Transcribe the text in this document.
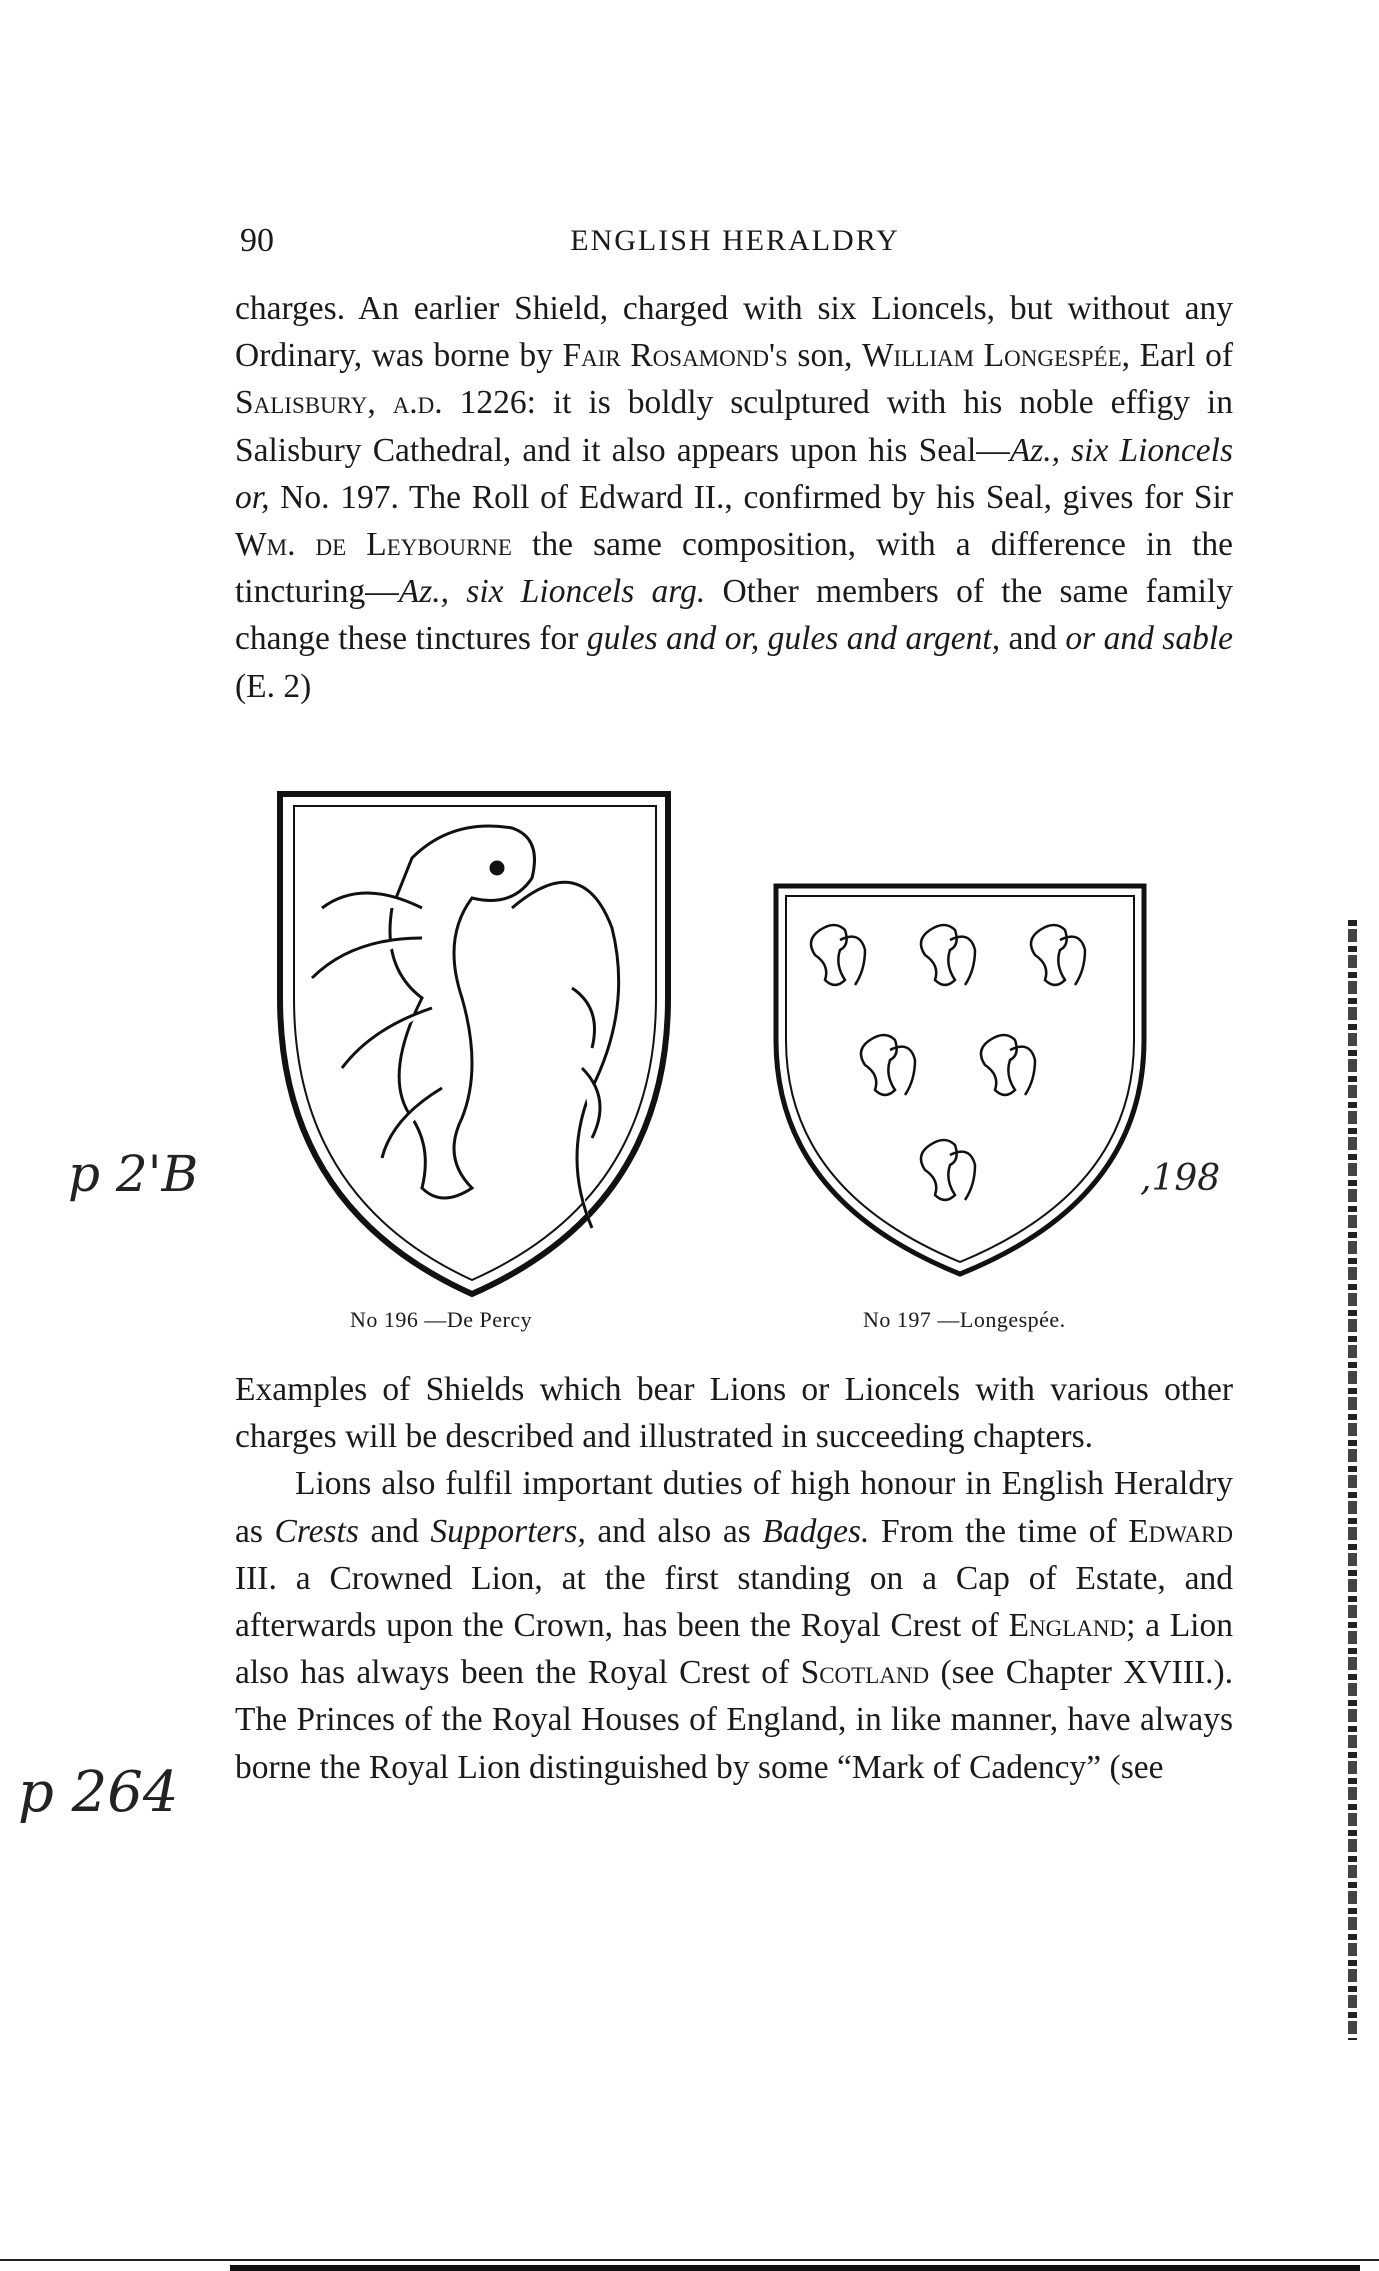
90	ENGLISH HERALDRY

charges. An earlier Shield, charged with six Lioncels, but without any Ordinary, was borne by Fair Rosamond's son, William Longespée, Earl of Salisbury, a.d. 1226: it is boldly sculptured with his noble effigy in Salisbury Cathedral, and it also appears upon his Seal—Az., six Lioncels or, No. 197. The Roll of Edward II., confirmed by his Seal, gives for Sir Wm. de Leybourne the same composition, with a difference in the tincturing—Az., six Lioncels arg. Other members of the same family change these tinctures for gules and or, gules and argent, and or and sable (E. 2)

No 196 —De Percy	No 197 —Longespée.

Examples of Shields which bear Lions or Lioncels with various other charges will be described and illustrated in succeeding chapters.

Lions also fulfil important duties of high honour in English Heraldry as Crests and Supporters, and also as Badges. From the time of Edward III. a Crowned Lion, at the first standing on a Cap of Estate, and afterwards upon the Crown, has been the Royal Crest of England; a Lion also has always been the Royal Crest of Scotland (see Chapter XVIII.). The Princes of the Royal Houses of England, in like manner, have always borne the Royal Lion distinguished by some “Mark of Cadency” (see

p 2'B
p 264
,198
